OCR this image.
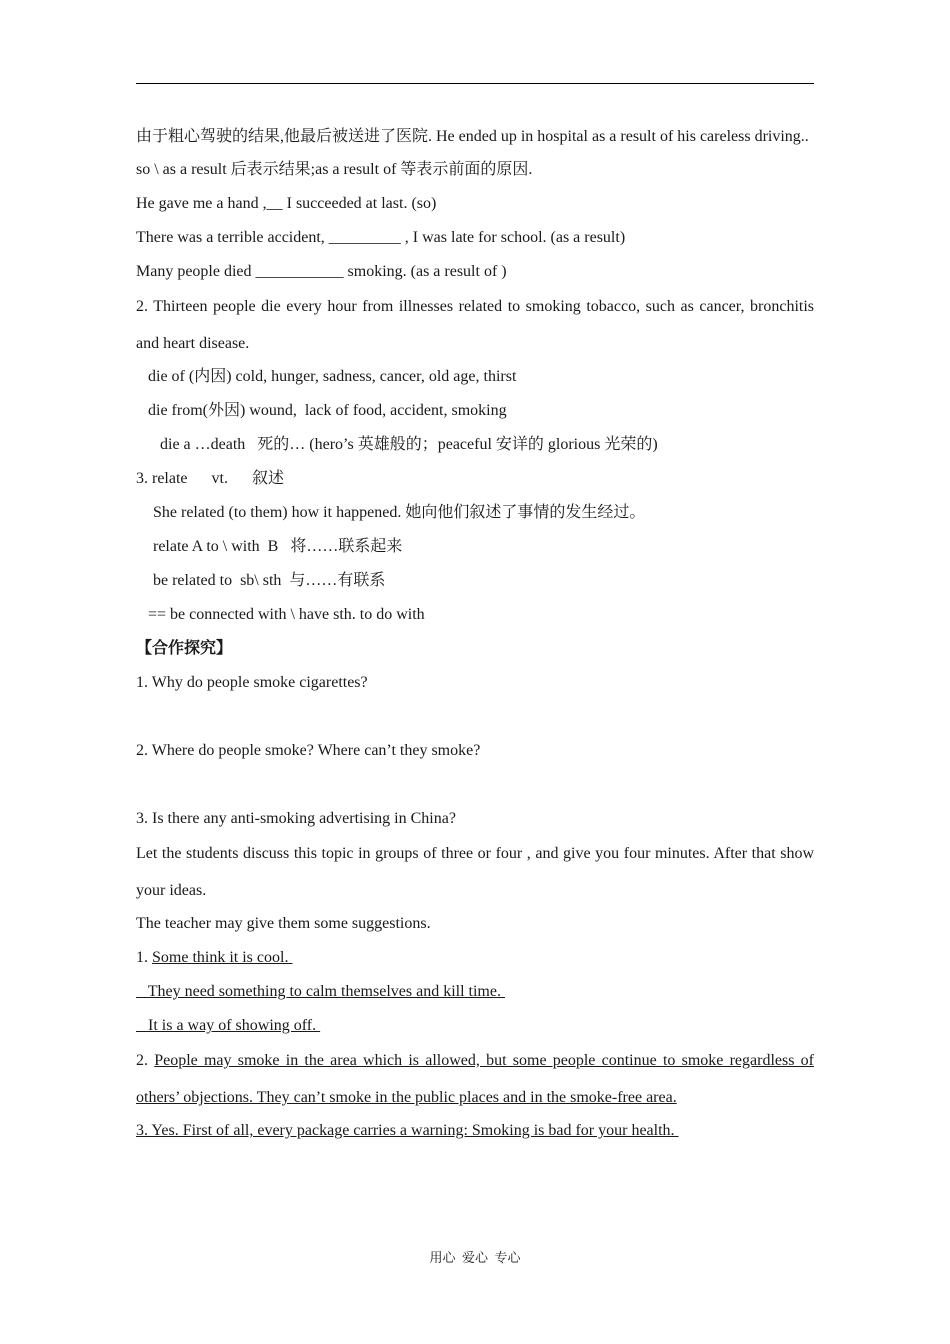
由于粗心驾驶的结果,他最后被送进了医院. He ended up in hospital as a result of his careless driving..
so \ as a result 后表示结果;as a result of 等表示前面的原因.
He gave me a hand ,__ I succeeded at last. (so)
There was a terrible accident, _________ , I was late for school. (as a result)
Many people died ___________ smoking. (as a result of )
2. Thirteen people die every hour from illnesses related to smoking tobacco, such as cancer, bronchitis and heart disease.
die of (内因) cold, hunger, sadness, cancer, old age, thirst
die from(外因) wound,  lack of food, accident, smoking
die a …death   死的… (hero’s 英雄般的；peaceful 安详的 glorious 光荣的)
3. relate      vt.      叙述
She related (to them) how it happened. 她向他们叙述了事情的发生经过。
relate A to \ with  B   将……联系起来
be related to  sb\ sth  与……有联系
== be connected with \ have sth. to do with
【合作探究】
1. Why do people smoke cigarettes?
2. Where do people smoke? Where can’t they smoke?
3. Is there any anti-smoking advertising in China?
Let the students discuss this topic in groups of three or four , and give you four minutes. After that show your ideas.
The teacher may give them some suggestions.
1. Some think it is cool.
They need something to calm themselves and kill time.
It is a way of showing off.
2. People may smoke in the area which is allowed, but some people continue to smoke regardless of others’ objections. They can’t smoke in the public places and in the smoke-free area.
3. Yes. First of all, every package carries a warning: Smoking is bad for your health.
用心  爱心  专心
